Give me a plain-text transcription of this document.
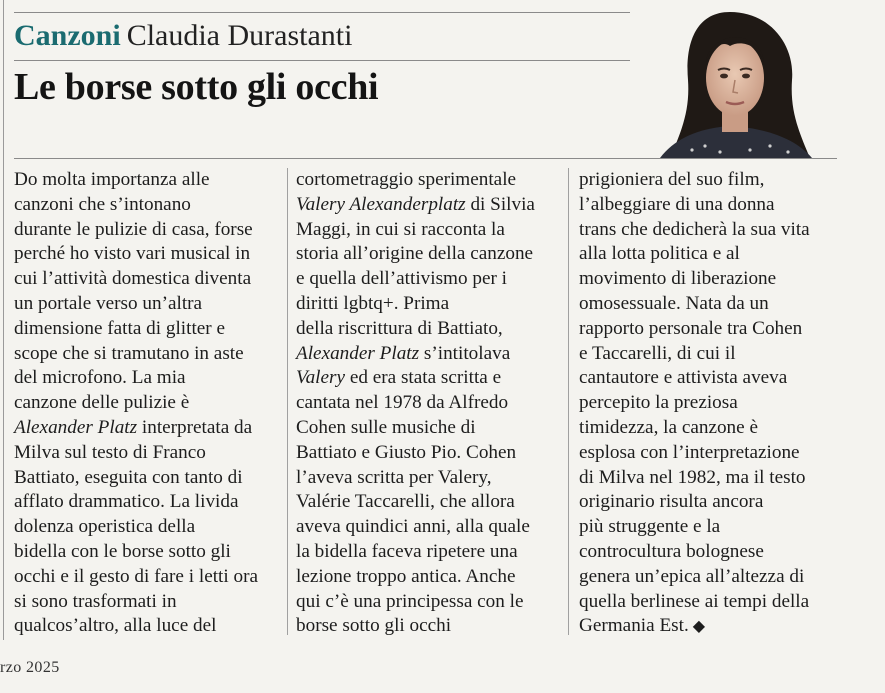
Canzoni Claudia Durastanti
Le borse sotto gli occhi
Do molta importanza alle
canzoni che s’intonano
durante le pulizie di casa, forse
perché ho visto vari musical in
cui l’attività domestica diventa
un portale verso un’altra
dimensione fatta di glitter e
scope che si tramutano in aste
del microfono. La mia
canzone delle pulizie è
Alexander Platz interpretata da
Milva sul testo di Franco
Battiato, eseguita con tanto di
afflato drammatico. La livida
dolenza operistica della
bidella con le borse sotto gli
occhi e il gesto di fare i letti ora
si sono trasformati in
qualcos’altro, alla luce del
cortometraggio sperimentale
Valery Alexanderplatz di Silvia
Maggi, in cui si racconta la
storia all’origine della canzone
e quella dell’attivismo per i
diritti lgbtq+. Prima
della riscrittura di Battiato,
Alexander Platz s’intitolava
Valery ed era stata scritta e
cantata nel 1978 da Alfredo
Cohen sulle musiche di
Battiato e Giusto Pio. Cohen
l’aveva scritta per Valery,
Valérie Taccarelli, che allora
aveva quindici anni, alla quale
la bidella faceva ripetere una
lezione troppo antica. Anche
qui c’è una principessa con le
borse sotto gli occhi
prigioniera del suo film,
l’albeggiare di una donna
trans che dedicherà la sua vita
alla lotta politica e al
movimento di liberazione
omosessuale. Nata da un
rapporto personale tra Cohen
e Taccarelli, di cui il
cantautore e attivista aveva
percepito la preziosa
timidezza, la canzone è
esplosa con l’interpretazione
di Milva nel 1982, ma il testo
originario risulta ancora
più struggente e la
controcultura bolognese
genera un’epica all’altezza di
quella berlinese ai tempi della
Germania Est. ◆
rzo 2025
